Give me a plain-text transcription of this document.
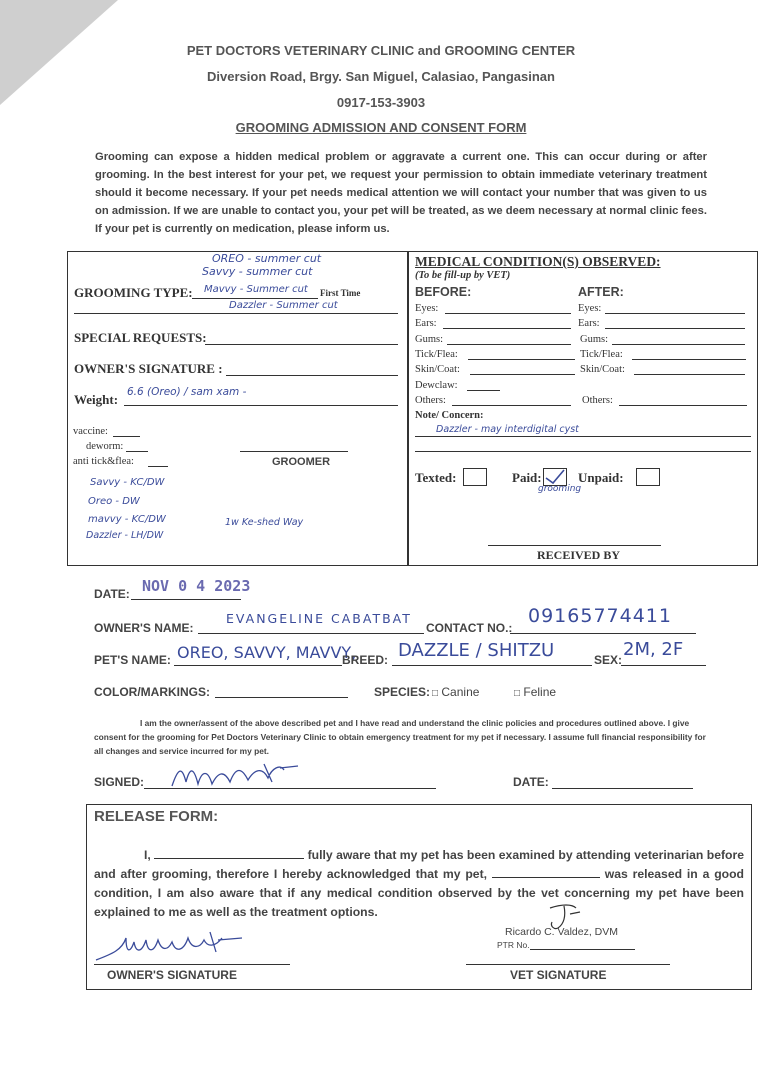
PET DOCTORS VETERINARY CLINIC and GROOMING CENTER
Diversion Road, Brgy. San Miguel, Calasiao, Pangasinan
0917-153-3903
GROOMING ADMISSION AND CONSENT FORM
Grooming can expose a hidden medical problem or aggravate a current one. This can occur during or after grooming. In the best interest for your pet, we request your permission to obtain immediate veterinary treatment should it become necessary. If your pet needs medical attention we will contact your number that was given to us on admission. If we are unable to contact you, your pet will be treated, as we deem necessary at normal clinic fees. If your pet is currently on medication, please inform us.
OREO - summer cut
Savvy - summer cut
GROOMING TYPE: Mavvy - Summer cut First Time
Dazzler - Summer cut
SPECIAL REQUESTS:
OWNER'S SIGNATURE :
Weight: 6.6 (Oreo) / sam xam -
vaccine:
deworm:
anti tick&flea:	GROOMER
Savvy - KC/DW
Oreo - DW
mavvy - KC/DW
Dazzler - LH/DW
1w Ke-shed Way
MEDICAL CONDITION(S) OBSERVED:
(To be fill-up by VET)
BEFORE:	AFTER:
Eyes:	Eyes:
Ears:	Ears:
Gums:	Gums:
Tick/Flea:	Tick/Flea:
Skin/Coat:	Skin/Coat:
Dewclaw:
Others:	Others:
Note/ Concern:
Dazzler - may interdigital cyst
Texted:	Paid:
grooming
Unpaid:
RECEIVED BY
DATE: NOV 0 4 2023
OWNER'S NAME:
EVANGELINE CABATBAT
CONTACT NO.:
09165774411
PET'S NAME: OREO, SAVVY, MAVVY,
BREED: DAZZLE / SHITZU	SEX: 2M, 2F
COLOR/MARKINGS:	SPECIES: □ Canine	□ Feline
I am the owner/assent of the above described pet and I have read and understand the clinic policies and procedures outlined above. I give consent for the grooming for Pet Doctors Veterinary Clinic to obtain emergency treatment for my pet if necessary. I assume full financial responsibility for all changes and service incurred for my pet.
SIGNED:	DATE:
RELEASE FORM:
I,	fully aware that my pet has been examined by attending veterinarian before and after grooming, therefore I hereby acknowledged that my pet,	was released in a good condition, I am also aware that if any medical condition observed by the vet concerning my pet have been explained to me as well as the treatment options.
OWNER'S SIGNATURE
Ricardo C. Valdez, DVM
PTR No.
VET SIGNATURE
